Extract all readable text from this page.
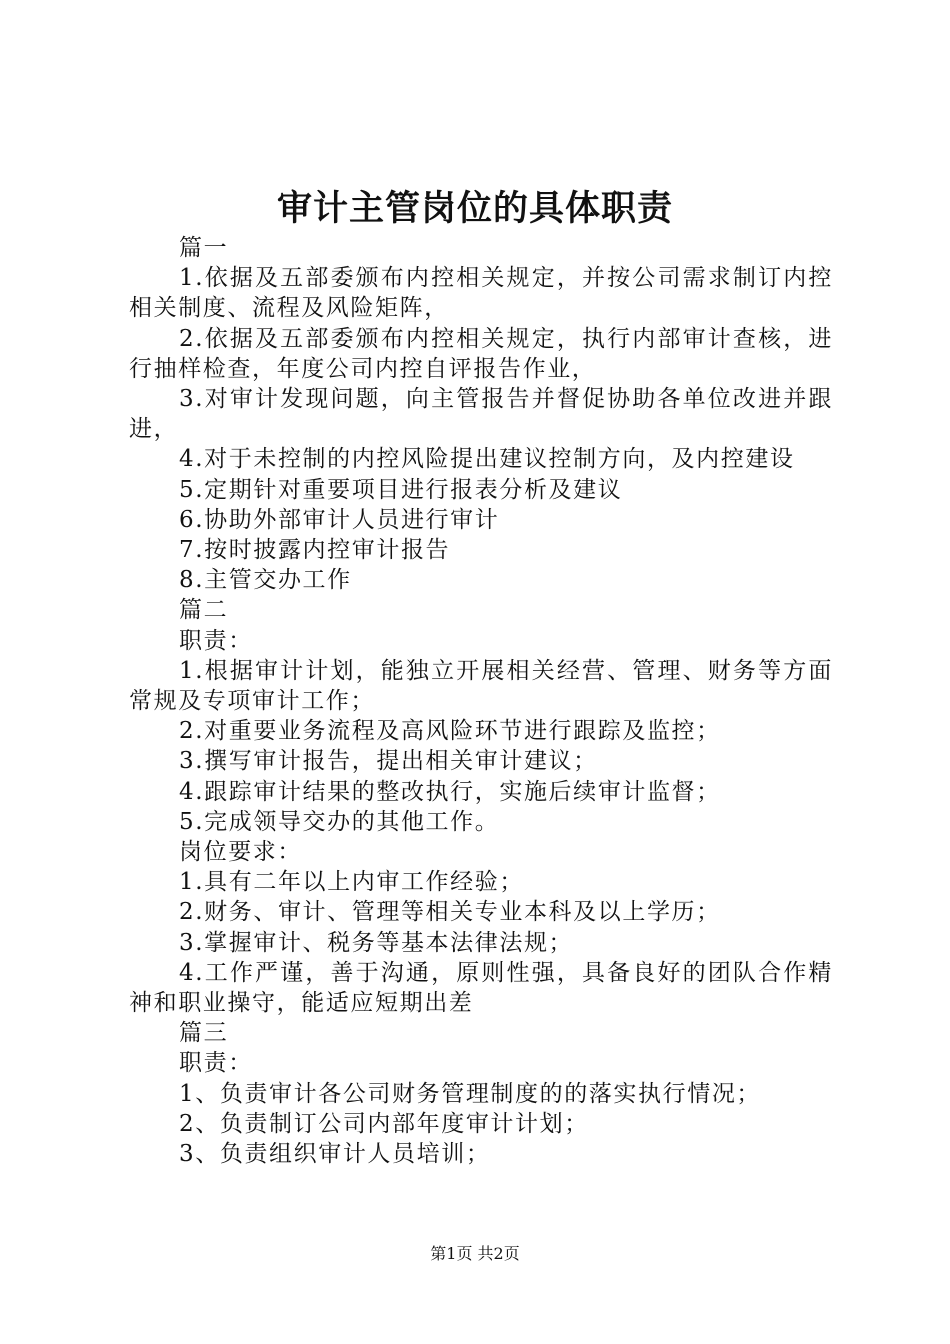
审计主管岗位的具体职责

篇一

1.依据及五部委颁布内控相关规定，并按公司需求制订内控相关制度、流程及风险矩阵，

2.依据及五部委颁布内控相关规定，执行内部审计查核，进行抽样检查，年度公司内控自评报告作业，

3.对审计发现问题，向主管报告并督促协助各单位改进并跟进，

4.对于未控制的内控风险提出建议控制方向，及内控建设

5.定期针对重要项目进行报表分析及建议

6.协助外部审计人员进行审计

7.按时披露内控审计报告

8.主管交办工作

篇二

职责：

1.根据审计计划，能独立开展相关经营、管理、财务等方面常规及专项审计工作；

2.对重要业务流程及高风险环节进行跟踪及监控；

3.撰写审计报告，提出相关审计建议；

4.跟踪审计结果的整改执行，实施后续审计监督；

5.完成领导交办的其他工作。

岗位要求：

1.具有二年以上内审工作经验；

2.财务、审计、管理等相关专业本科及以上学历；

3.掌握审计、税务等基本法律法规；

4.工作严谨，善于沟通，原则性强，具备良好的团队合作精神和职业操守，能适应短期出差

篇三

职责：

1、负责审计各公司财务管理制度的的落实执行情况；

2、负责制订公司内部年度审计计划；

3、负责组织审计人员培训；

第1页 共2页
